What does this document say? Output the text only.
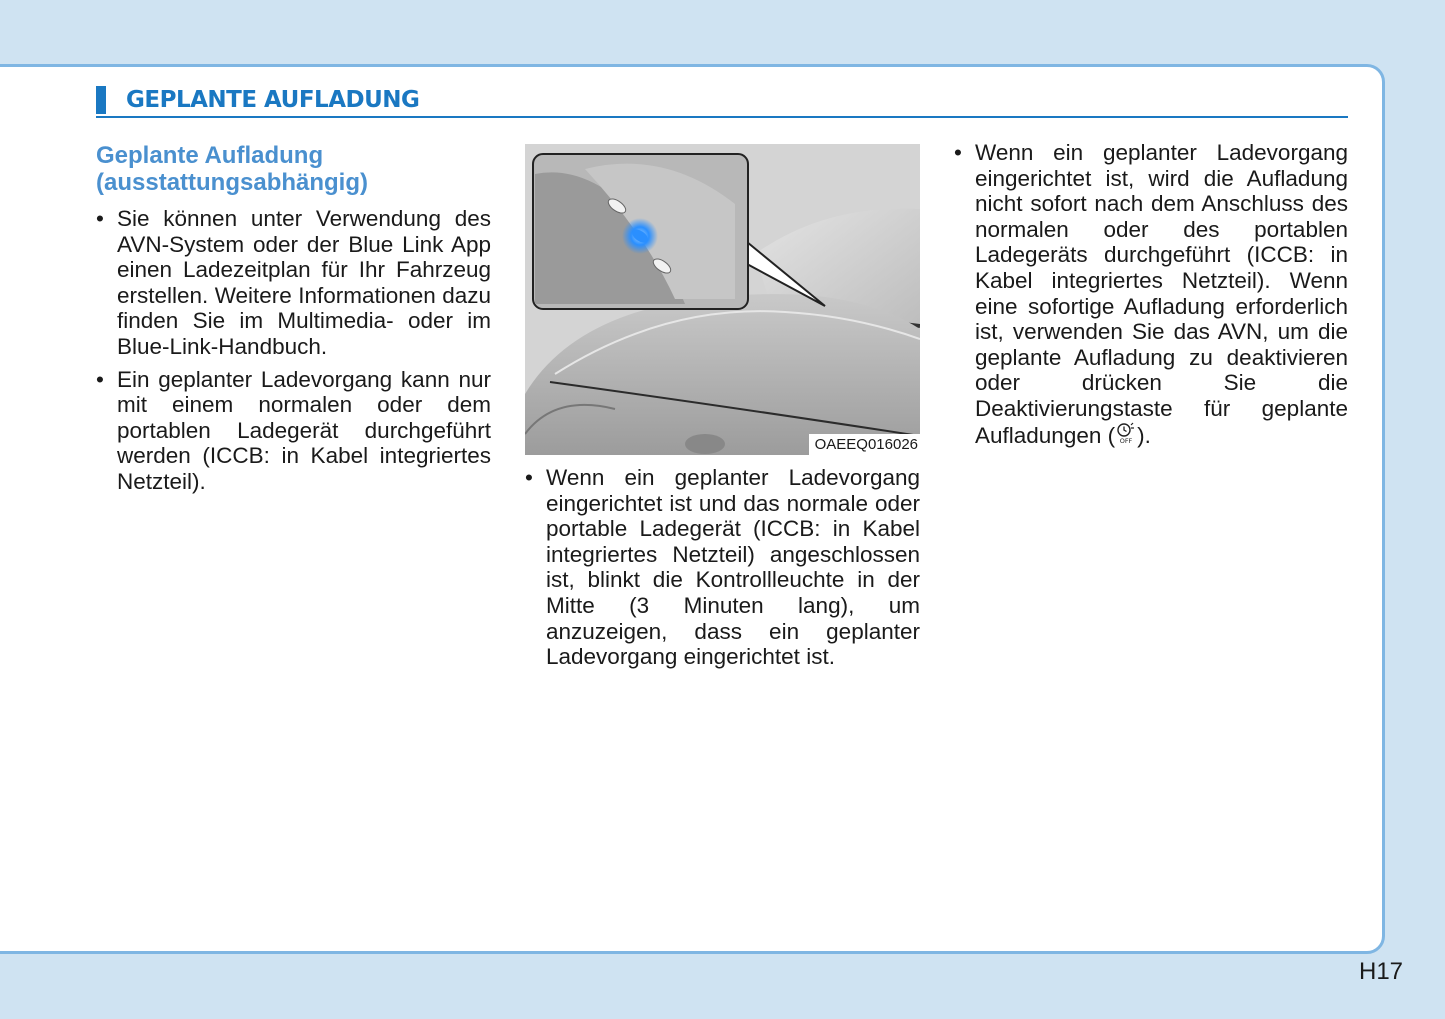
GEPLANTE AUFLADUNG
Geplante Aufladung
(ausstattungsabhängig)
• Sie können unter Verwendung des AVN-System oder der Blue Link App einen Ladezeitplan für Ihr Fahrzeug erstellen. Weitere Informationen dazu finden Sie im Multimedia- oder im Blue-Link-Handbuch.
• Ein geplanter Ladevorgang kann nur mit einem normalen oder dem portablen Ladegerät durchgeführt werden (ICCB: in Kabel integriertes Netzteil).
OAEEQ016026
• Wenn ein geplanter Ladevorgang eingerichtet ist und das normale oder portable Ladegerät (ICCB: in Kabel integriertes Netzteil) angeschlossen ist, blinkt die Kontrollleuchte in der Mitte (3 Minuten lang), um anzuzeigen, dass ein geplanter Ladevorgang eingerichtet ist.
• Wenn ein geplanter Ladevorgang eingerichtet ist, wird die Aufladung nicht sofort nach dem Anschluss des normalen oder des portablen Ladegeräts durchgeführt (ICCB: in Kabel integriertes Netzteil). Wenn eine sofortige Aufladung erforderlich ist, verwenden Sie das AVN, um die geplante Aufladung zu deaktivieren oder drücken Sie die Deaktivierungstaste für geplante Aufladungen ( OFF ).
H17
